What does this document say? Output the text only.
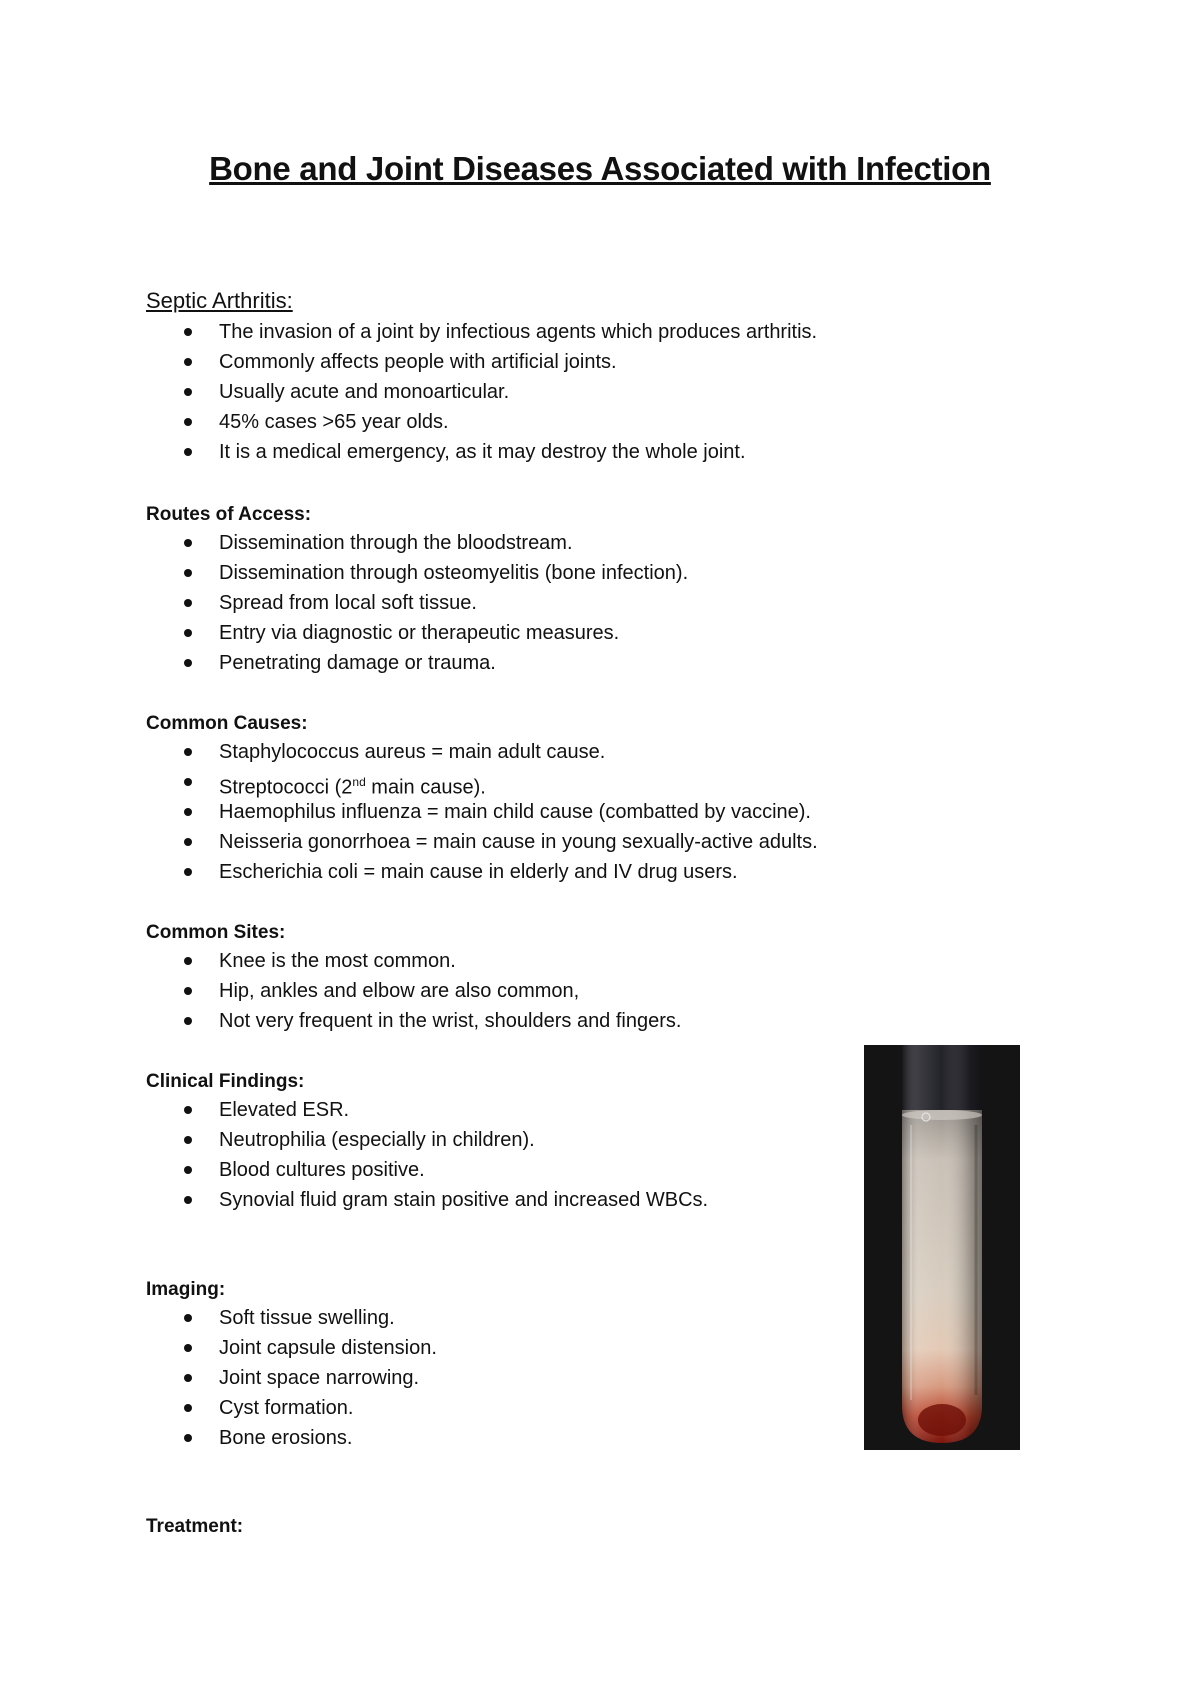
Bone and Joint Diseases Associated with Infection
Septic Arthritis:
The invasion of a joint by infectious agents which produces arthritis.
Commonly affects people with artificial joints.
Usually acute and monoarticular.
45% cases >65 year olds.
It is a medical emergency, as it may destroy the whole joint.
Routes of Access:
Dissemination through the bloodstream.
Dissemination through osteomyelitis (bone infection).
Spread from local soft tissue.
Entry via diagnostic or therapeutic measures.
Penetrating damage or trauma.
Common Causes:
Staphylococcus aureus = main adult cause.
Streptococci (2nd main cause).
Haemophilus influenza = main child cause (combatted by vaccine).
Neisseria gonorrhoea = main cause in young sexually-active adults.
Escherichia coli = main cause in elderly and IV drug users.
Common Sites:
Knee is the most common.
Hip, ankles and elbow are also common,
Not very frequent in the wrist, shoulders and fingers.
Clinical Findings:
Elevated ESR.
Neutrophilia (especially in children).
Blood cultures positive.
Synovial fluid gram stain positive and increased WBCs.
Imaging:
Soft tissue swelling.
Joint capsule distension.
Joint space narrowing.
Cyst formation.
Bone erosions.
Treatment:
